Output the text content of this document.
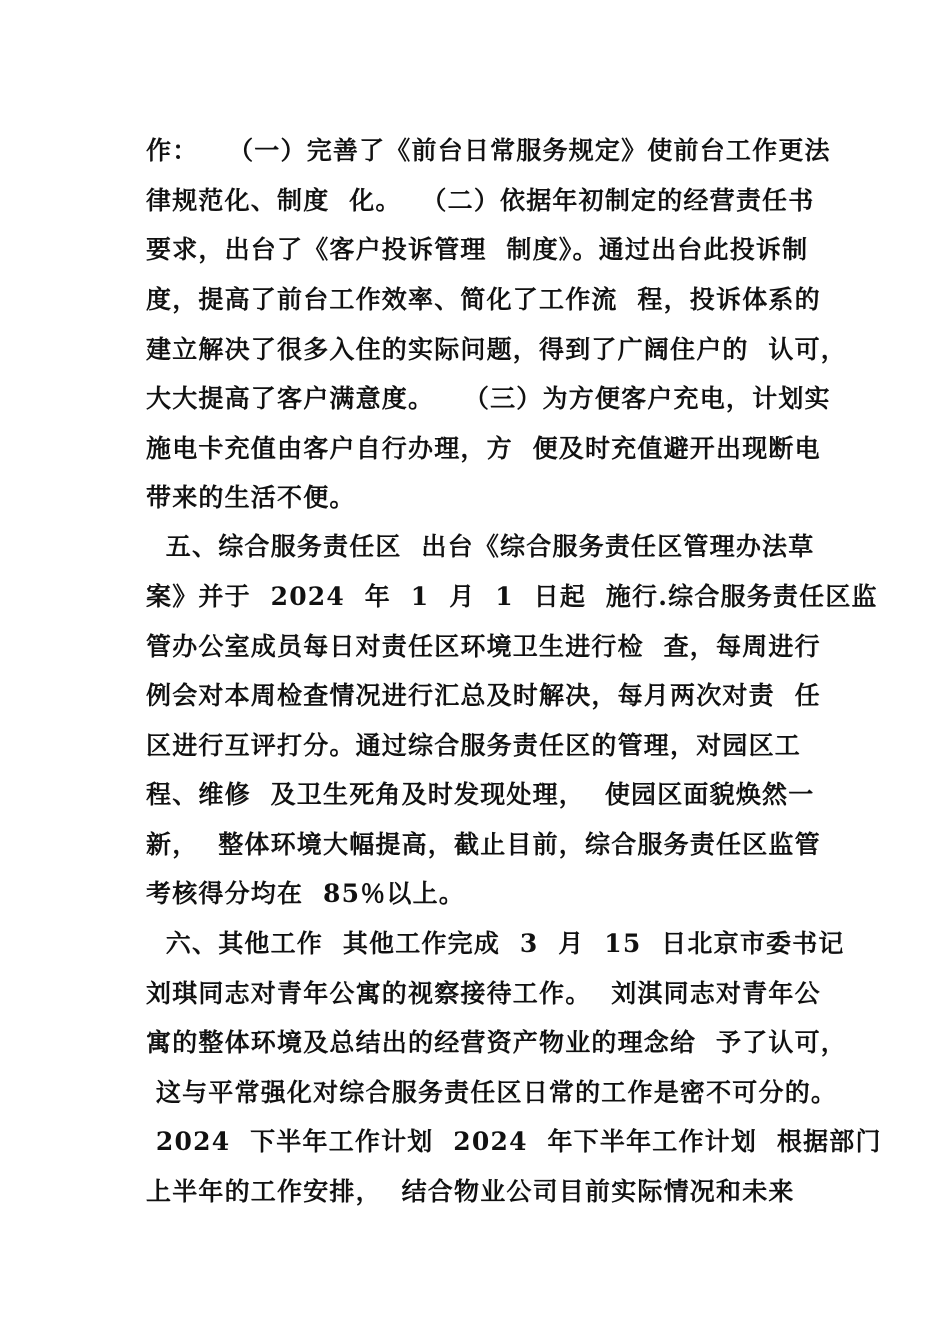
作：   （一）完善了《前台日常服务规定》使前台工作更法
律规范化、制度  化。  （二）依据年初制定的经营责任书
要求，出台了《客户投诉管理  制度》。通过出台此投诉制
度，提高了前台工作效率、简化了工作流  程，投诉体系的
建立解决了很多入住的实际问题，得到了广阔住户的  认可，
大大提高了客户满意度。   （三）为方便客户充电，计划实
施电卡充值由客户自行办理，方  便及时充值避开出现断电
带来的生活不便。
五、综合服务责任区  出台《综合服务责任区管理办法草
案》并于  2024  年  1  月  1  日起  施行.综合服务责任区监
管办公室成员每日对责任区环境卫生进行检  查，每周进行
例会对本周检查情况进行汇总及时解决，每月两次对责  任
区进行互评打分。通过综合服务责任区的管理，对园区工
程、维修  及卫生死角及时发现处理，  使园区面貌焕然一
新，  整体环境大幅提高，截止目前，综合服务责任区监管
考核得分均在  85％以上。
六、其他工作  其他工作完成  3  月  15  日北京市委书记
刘琪同志对青年公寓的视察接待工作。  刘淇同志对青年公
寓的整体环境及总结出的经营资产物业的理念给  予了认可，
这与平常强化对综合服务责任区日常的工作是密不可分的。
2024  下半年工作计划  2024  年下半年工作计划  根据部门
上半年的工作安排，  结合物业公司目前实际情况和未来
